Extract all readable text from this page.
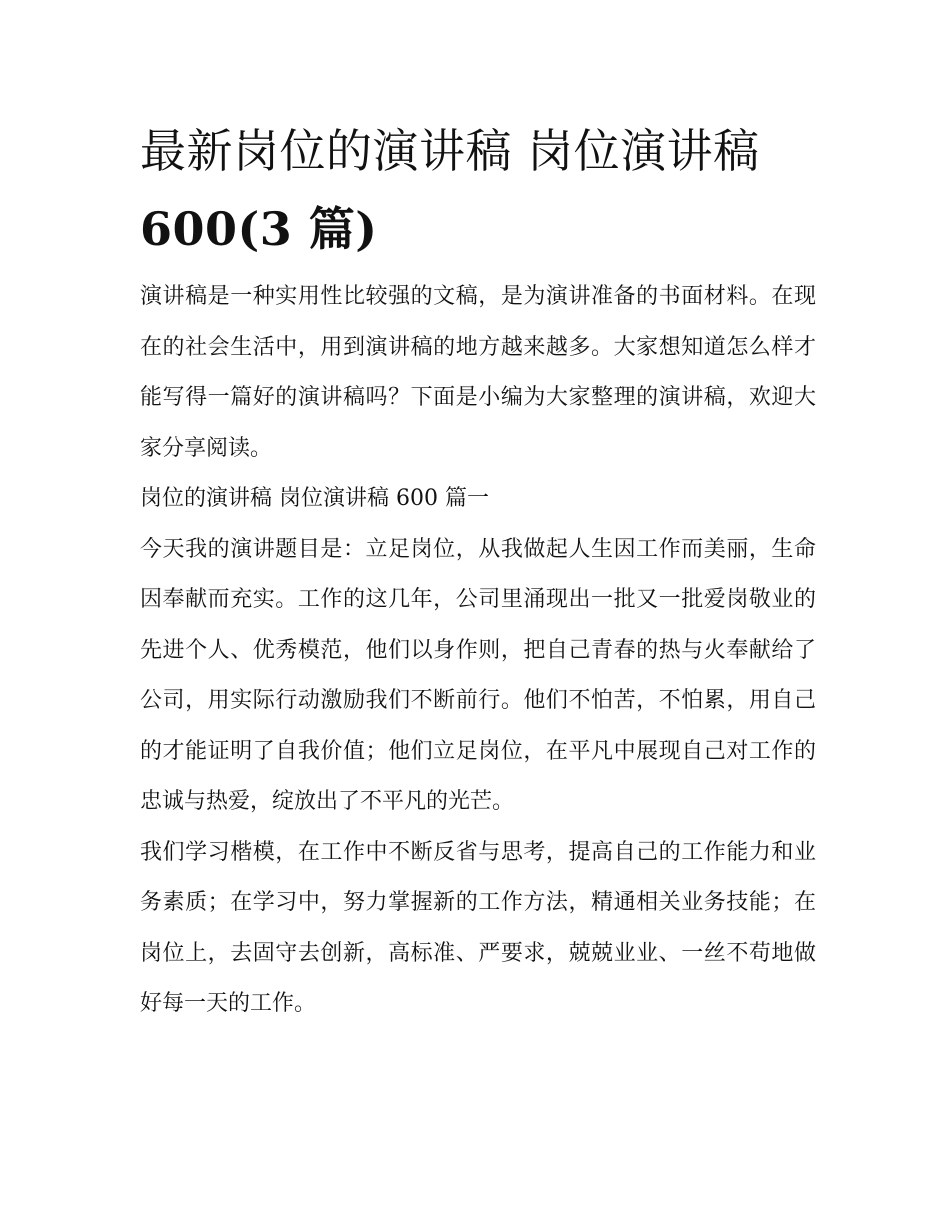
最新岗位的演讲稿 岗位演讲稿
600(3 篇)

演讲稿是一种实用性比较强的文稿，是为演讲准备的书面材料。在现在的社会生活中，用到演讲稿的地方越来越多。大家想知道怎么样才能写得一篇好的演讲稿吗？下面是小编为大家整理的演讲稿，欢迎大家分享阅读。

岗位的演讲稿 岗位演讲稿 600 篇一

今天我的演讲题目是：立足岗位，从我做起人生因工作而美丽，生命因奉献而充实。工作的这几年，公司里涌现出一批又一批爱岗敬业的先进个人、优秀模范，他们以身作则，把自己青春的热与火奉献给了公司，用实际行动激励我们不断前行。他们不怕苦，不怕累，用自己的才能证明了自我价值；他们立足岗位，在平凡中展现自己对工作的忠诚与热爱，绽放出了不平凡的光芒。

我们学习楷模，在工作中不断反省与思考，提高自己的工作能力和业务素质；在学习中，努力掌握新的工作方法，精通相关业务技能；在岗位上，去固守去创新，高标准、严要求，兢兢业业、一丝不苟地做好每一天的工作。
